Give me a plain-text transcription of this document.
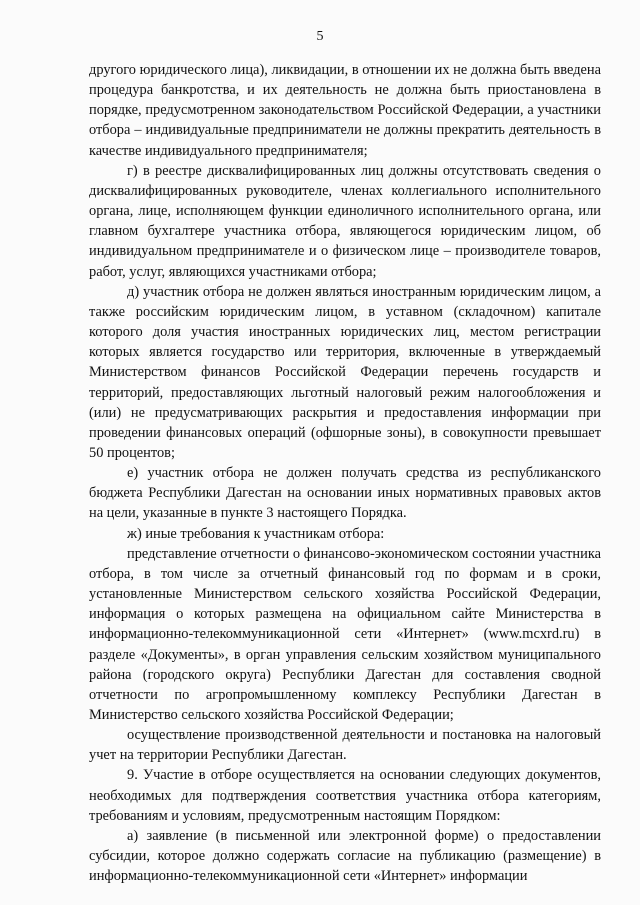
5

другого юридического лица), ликвидации, в отношении их не должна быть введена процедура банкротства, и их деятельность не должна быть приостановлена в порядке, предусмотренном законодательством Российской Федерации, а участники отбора – индивидуальные предприниматели не должны прекратить деятельность в качестве индивидуального предпринимателя;

г) в реестре дисквалифицированных лиц должны отсутствовать сведения о дисквалифицированных руководителе, членах коллегиального исполнительного органа, лице, исполняющем функции единоличного исполнительного органа, или главном бухгалтере участника отбора, являющегося юридическим лицом, об индивидуальном предпринимателе и о физическом лице – производителе товаров, работ, услуг, являющихся участниками отбора;

д) участник отбора не должен являться иностранным юридическим лицом, а также российским юридическим лицом, в уставном (складочном) капитале которого доля участия иностранных юридических лиц, местом регистрации которых является государство или территория, включенные в утверждаемый Министерством финансов Российской Федерации перечень государств и территорий, предоставляющих льготный налоговый режим налогообложения и (или) не предусматривающих раскрытия и предоставления информации при проведении финансовых операций (офшорные зоны), в совокупности превышает 50 процентов;

е) участник отбора не должен получать средства из республиканского бюджета Республики Дагестан на основании иных нормативных правовых актов на цели, указанные в пункте 3 настоящего Порядка.

ж) иные требования к участникам отбора:

представление отчетности о финансово-экономическом состоянии участника отбора, в том числе за отчетный финансовый год по формам и в сроки, установленные Министерством сельского хозяйства Российской Федерации, информация о которых размещена на официальном сайте Министерства в информационно-телекоммуникационной сети «Интернет» (www.mcxrd.ru) в разделе «Документы», в орган управления сельским хозяйством муниципального района (городского округа) Республики Дагестан для составления сводной отчетности по агропромышленному комплексу Республики Дагестан в Министерство сельского хозяйства Российской Федерации;

осуществление производственной деятельности и постановка на налоговый учет на территории Республики Дагестан.

9. Участие в отборе осуществляется на основании следующих документов, необходимых для подтверждения соответствия участника отбора категориям, требованиям и условиям, предусмотренным настоящим Порядком:

а) заявление (в письменной или электронной форме) о предоставлении субсидии, которое должно содержать согласие на публикацию (размещение) в информационно-телекоммуникационной сети «Интернет» информации
